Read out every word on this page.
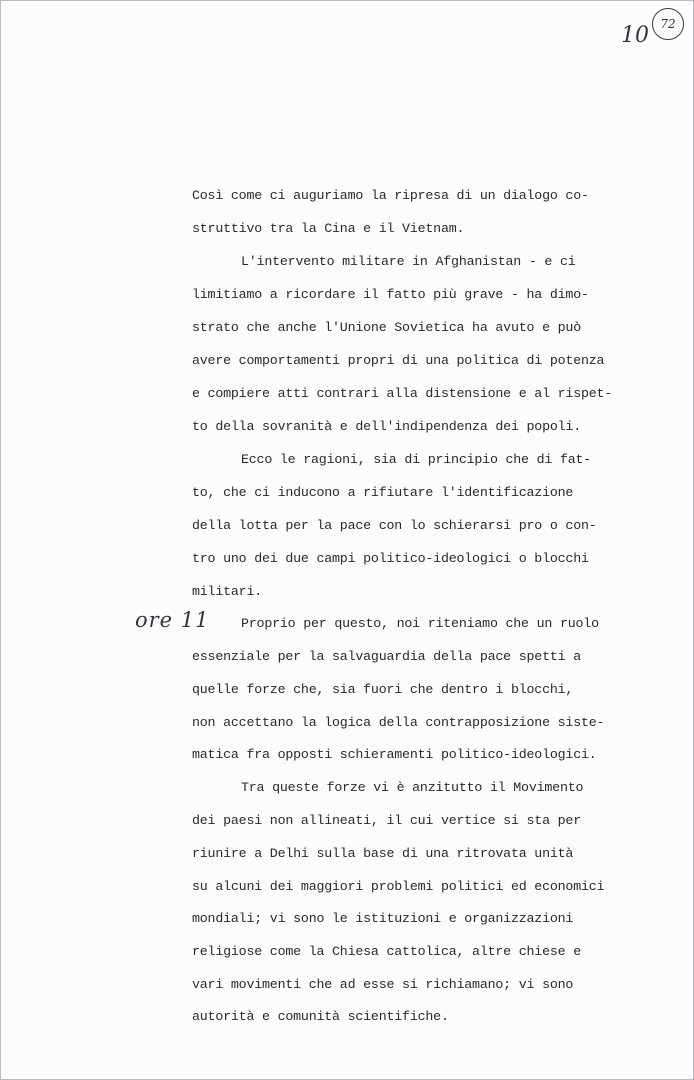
10 72
ore 11

Così come ci auguriamo la ripresa di un dialogo co-

struttivo tra la Cina e il Vietnam.

L'intervento militare in Afghanistan - e ci

limitiamo a ricordare il fatto più grave - ha dimo-

strato che anche l'Unione Sovietica ha avuto e può

avere comportamenti propri di una politica di potenza

e compiere atti contrari alla distensione e al rispet-

to della sovranità e dell'indipendenza dei popoli.

Ecco le ragioni, sia di principio che di fat-

to, che ci inducono a rifiutare l'identificazione

della lotta per la pace con lo schierarsi pro o con-

tro uno dei due campi politico-ideologici o blocchi

militari.

Proprio per questo, noi riteniamo che un ruolo

essenziale per la salvaguardia della pace spetti a

quelle forze che, sia fuori che dentro i blocchi,

non accettano la logica della contrapposizione siste-

matica fra opposti schieramenti politico-ideologici.

Tra queste forze vi è anzitutto il Movimento

dei paesi non allineati, il cui vertice si sta per

riunire a Delhi sulla base di una ritrovata unità

su alcuni dei maggiori problemi politici ed economici

mondiali; vi sono le istituzioni e organizzazioni

religiose come la Chiesa cattolica, altre chiese e

vari movimenti che ad esse si richiamano; vi sono

autorità e comunità scientifiche.
